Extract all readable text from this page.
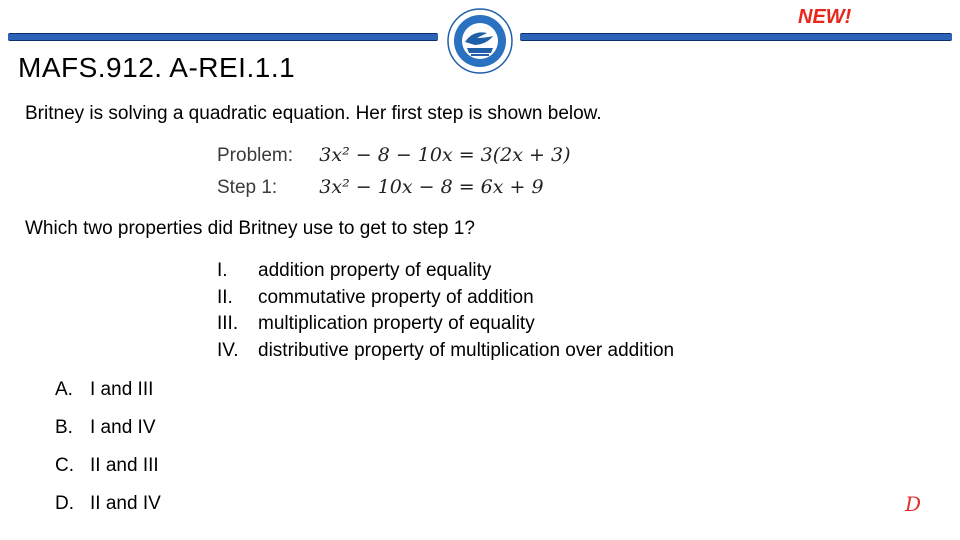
NEW!
MAFS.912. A-REI.1.1
Britney is solving a quadratic equation. Her first step is shown below.
Problem: 3x² − 8 − 10x = 3(2x + 3)
Step 1: 3x² − 10x − 8 = 6x + 9
Which two properties did Britney use to get to step 1?
I. addition property of equality
II. commutative property of addition
III. multiplication property of equality
IV. distributive property of multiplication over addition
A. I and III
B. I and IV
C. II and III
D. II and IV	D
